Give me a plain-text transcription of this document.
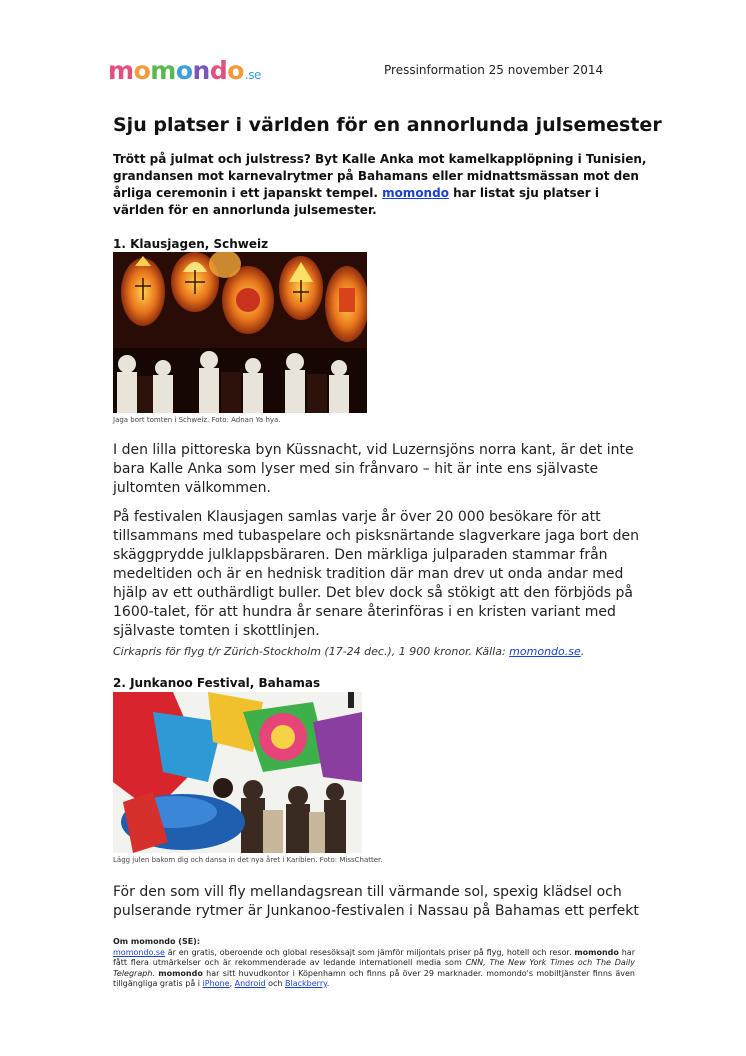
momondo.se	Pressinformation 25 november 2014
Sju platser i världen för en annorlunda julsemester

Trött på julmat och julstress? Byt Kalle Anka mot kamelkapplöpning i Tunisien, grandansen mot karnevalrytmer på Bahamans eller midnattsmässan mot den årliga ceremonin i ett japanskt tempel. momondo har listat sju platser i världen för en annorlunda julsemester.

1. Klausjagen, Schweiz
Jaga bort tomten i Schweiz. Foto: Adnan Ya hya.

I den lilla pittoreska byn Küssnacht, vid Luzernsjöns norra kant, är det inte bara Kalle Anka som lyser med sin frånvaro – hit är inte ens självaste jultomten välkommen.

På festivalen Klausjagen samlas varje år över 20 000 besökare för att tillsammans med tubaspelare och pisksnärtande slagverkare jaga bort den skäggprydde julklappsbäraren. Den märkliga julparaden stammar från medeltiden och är en hednisk tradition där man drev ut onda andar med hjälp av ett outhärdligt buller. Det blev dock så stökigt att den förbjöds på 1600-talet, för att hundra år senare återinföras i en kristen variant med självaste tomten i skottlinjen.

Cirkapris för flyg t/r Zürich-Stockholm (17-24 dec.), 1 900 kronor. Källa: momondo.se.

2. Junkanoo Festival, Bahamas
Lägg julen bakom dig och dansa in det nya året i Karibien. Foto: MissChatter.

För den som vill fly mellandagsrean till värmande sol, spexig klädsel och pulserande rytmer är Junkanoo-festivalen i Nassau på Bahamas ett perfekt

Om momondo (SE):
momondo.se är en gratis, oberoende och global resesöksajt som jämför miljontals priser på flyg, hotell och resor. momondo har fått flera utmärkelser och är rekommenderade av ledande internationell media som CNN, The New York Times och The Daily Telegraph. momondo har sitt huvudkontor i Köpenhamn och finns på över 29 marknader. momondo's mobiltjänster finns även tillgängliga gratis på i iPhone, Android och Blackberry.
